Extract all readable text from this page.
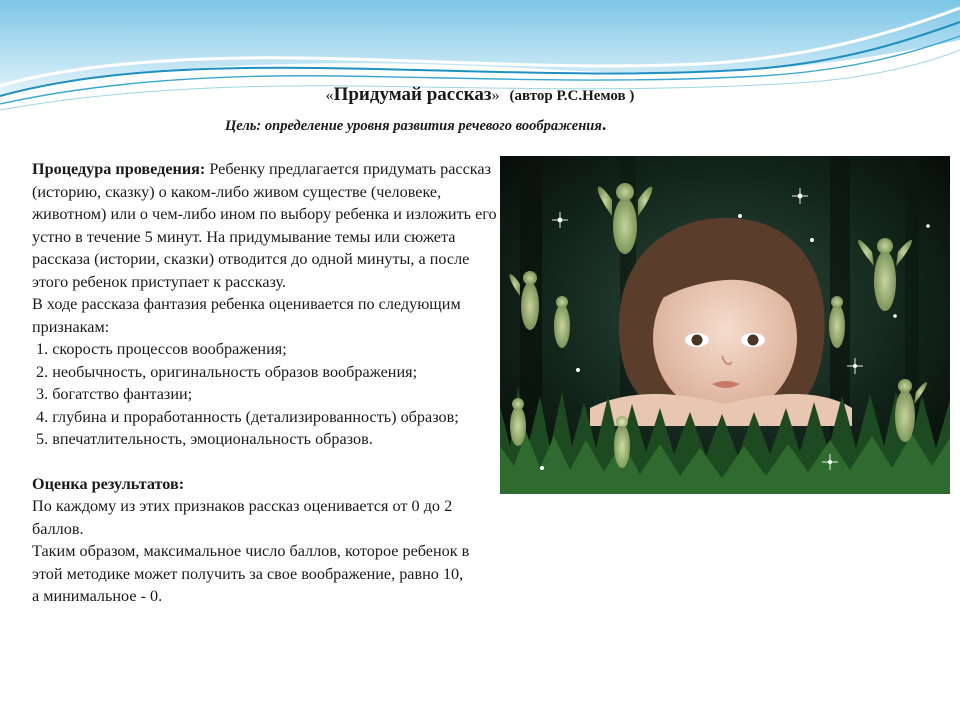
«Придумай рассказ» (автор Р.С.Немов )
Цель: определение уровня развития речевого воображения.

Процедура проведения: Ребенку предлагается придумать рассказ (историю, сказку) о каком-либо живом существе (человеке, животном) или о чем-либо ином по выбору ребенка и изложить его устно в течение 5 минут. На придумывание темы или сюжета рассказа (истории, сказки) отводится до одной минуты, а после этого ребенок приступает к рассказу.

В ходе рассказа фантазия ребенка оценивается по следующим признакам:

1. скорость процессов воображения;

2. необычность, оригинальность образов воображения;

3. богатство фантазии;

4. глубина и проработанность (детализированность) образов;

5. впечатлительность, эмоциональность образов.

Оценка результатов:

По каждому из этих признаков рассказ оценивается от 0 до 2 баллов.

Таким образом, максимальное число баллов, которое ребенок в этой методике может получить за свое воображение, равно 10,

а минимальное - 0.
